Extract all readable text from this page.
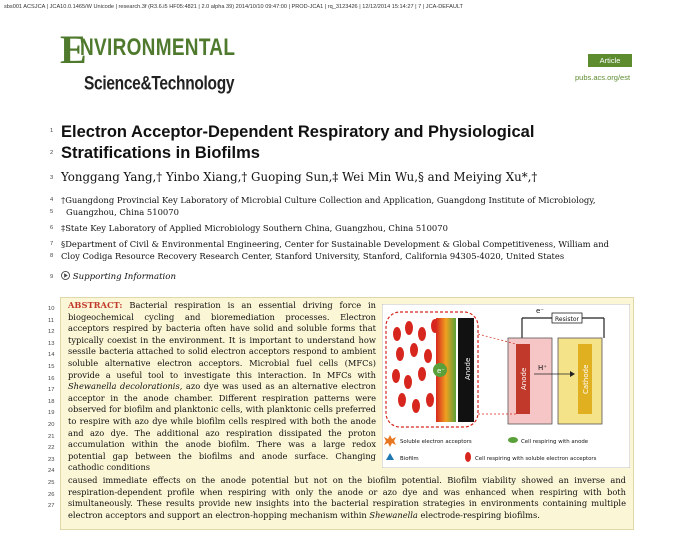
sbs001 ACSJCA | JCA10.0.1465/W Unicode | research.3f (R3.6.i5 HF05:4821 | 2.0 alpha 39) 2014/10/10 09:47:00 | PROD-JCA1 | rq_3123426 | 12/12/2014 15:14:27 | 7 | JCA-DEFAULT
E
NVIRONMENTAL
Science&Technology
Article
pubs.acs.org/est
1
2
3
4
5
6
7
8
9
10
11
12
13
14
15
16
17
18
19
20
21
22
23
24
25
26
27
Electron Acceptor-Dependent Respiratory and Physiological
Stratifications in Biofilms
Yonggang Yang,† Yinbo Xiang,† Guoping Sun,‡ Wei Min Wu,§ and Meiying Xu*,†
†Guangdong Provincial Key Laboratory of Microbial Culture Collection and Application, Guangdong Institute of Microbiology,
Guangzhou, China 510070
‡State Key Laboratory of Applied Microbiology Southern China, Guangzhou, China 510070
§Department of Civil & Environmental Engineering, Center for Sustainable Development & Global Competitiveness, William and
Cloy Codiga Resource Recovery Research Center, Stanford University, Stanford, California 94305-4020, United States
Supporting Information
ABSTRACT: Bacterial respiration is an essential driving force in biogeochemical cycling and bioremediation processes. Electron acceptors respired by bacteria often have solid and soluble forms that typically coexist in the environment. It is important to understand how sessile bacteria attached to solid electron acceptors respond to ambient soluble alternative electron acceptors. Microbial fuel cells (MFCs) provide a useful tool to investigate this interaction. In MFCs with Shewanella decolorationis, azo dye was used as an alternative electron acceptor in the anode chamber. Different respiration patterns were observed for biofilm and planktonic cells, with planktonic cells preferred to respire with azo dye while biofilm cells respired with both the anode and azo dye. The additional azo respiration dissipated the proton accumulation within the anode biofilm. There was a large redox potential gap between the biofilms and anode surface. Changing cathodic conditions
caused immediate effects on the anode potential but not on the biofilm potential. Biofilm viability showed an inverse and respiration-dependent profile when respiring with only the anode or azo dye and was enhanced when respiring with both simultaneously. These results provide new insights into the bacterial respiration strategies in environments containing multiple electron acceptors and support an electron-hopping mechanism within Shewanella electrode-respiring biofilms.
e⁻	Anode
Resistor
e⁻
Anode	Cathode
H⁺
Soluble electron acceptors	Cell respiring with anode
Biofilm	Cell respiring with soluble electron acceptors
